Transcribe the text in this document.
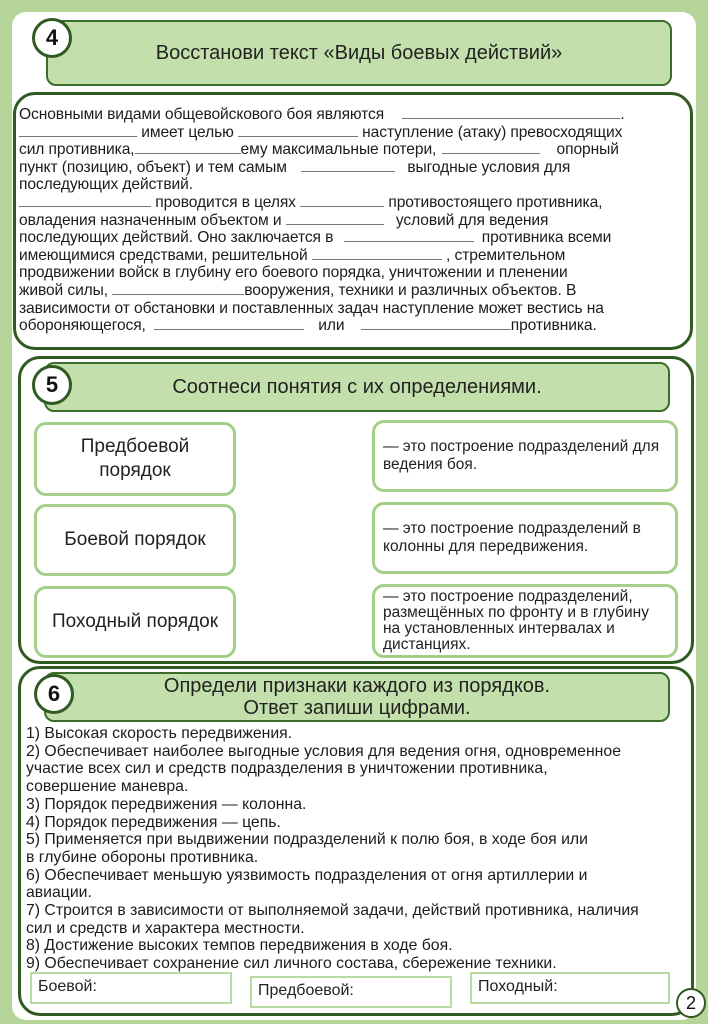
Восстанови текст «Виды боевых действий»
4
Основными видами общевойскового боя являются	.
имеет целью	наступление (атаку) превосходящих
сил противника,	ему максимальные потери,	опорный
пункт (позицию, объект) и тем самым	выгодные условия для
последующих действий.
проводится в целях	противостоящего противника,
овладения назначенным объектом и	условий для ведения
последующих действий. Оно заключается в	противника всеми
имеющимися средствами, решительной	, стремительном
продвижении войск в глубину его боевого порядка, уничтожении и пленении
живой силы,	вооружения, техники и различных объектов. В
зависимости от обстановки и поставленных задач наступление может вестись на
обороняющегося,	или	противника.
Соотнеси понятия с их определениями.
5
Предбоевой порядок
Боевой порядок
Походный порядок
— это построение подразделений для ведения боя.
— это построение подразделений в колонны для передвижения.
— это построение подразделений, размещённых по фронту и в глубину на установленных интервалах и дистанциях.
Определи признаки каждого из порядков.
Ответ запиши цифрами.
6
1) Высокая скорость передвижения.
2) Обеспечивает наиболее выгодные условия для ведения огня, одновременное
участие всех сил и средств подразделения в уничтожении противника,
совершение маневра.
3) Порядок передвижения — колонна.
4) Порядок передвижения — цепь.
5) Применяется при выдвижении подразделений к полю боя, в ходе боя или
в глубине обороны противника.
6) Обеспечивает меньшую уязвимость подразделения от огня артиллерии и
авиации.
7) Строится в зависимости от выполняемой задачи, действий противника, наличия
сил и средств и характера местности.
8) Достижение высоких темпов передвижения в ходе боя.
9) Обеспечивает сохранение сил личного состава, сбережение техники.
Боевой:	Предбоевой:	Походный:
2
